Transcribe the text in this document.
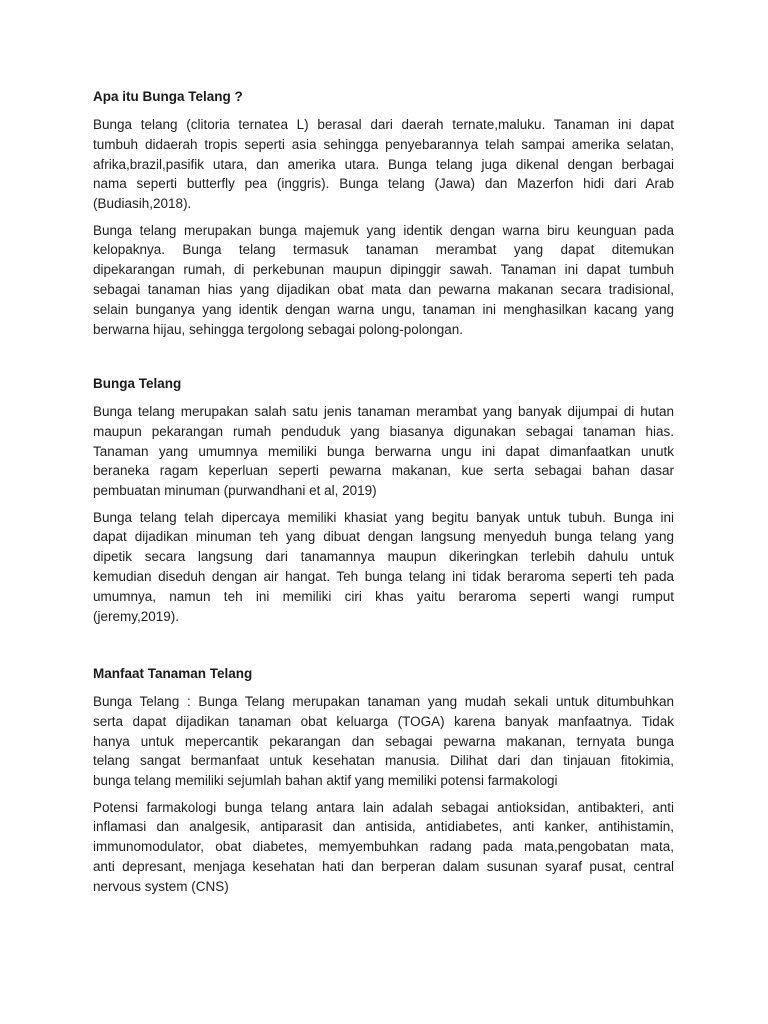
Apa itu Bunga Telang ?
Bunga telang (clitoria ternatea L) berasal dari daerah ternate,maluku. Tanaman ini dapat
tumbuh didaerah tropis seperti asia sehingga penyebarannya telah sampai amerika selatan,
afrika,brazil,pasifik utara, dan amerika utara. Bunga telang juga dikenal dengan berbagai
nama seperti butterfly pea (inggris). Bunga telang (Jawa) dan Mazerfon hidi dari Arab
(Budiasih,2018).
Bunga telang merupakan bunga majemuk yang identik dengan warna biru keunguan pada
kelopaknya. Bunga telang termasuk tanaman merambat yang dapat ditemukan
dipekarangan rumah, di perkebunan maupun dipinggir sawah. Tanaman ini dapat tumbuh
sebagai tanaman hias yang dijadikan obat mata dan pewarna makanan secara tradisional,
selain bunganya yang identik dengan warna ungu, tanaman ini menghasilkan kacang yang
berwarna hijau, sehingga tergolong sebagai polong-polongan.
Bunga Telang
Bunga telang merupakan salah satu jenis tanaman merambat yang banyak dijumpai di hutan
maupun pekarangan rumah penduduk yang biasanya digunakan sebagai tanaman hias.
Tanaman yang umumnya memiliki bunga berwarna ungu ini dapat dimanfaatkan unutk
beraneka ragam keperluan seperti pewarna makanan, kue serta sebagai bahan dasar
pembuatan minuman (purwandhani et al, 2019)
Bunga telang telah dipercaya memiliki khasiat yang begitu banyak untuk tubuh. Bunga ini
dapat dijadikan minuman teh yang dibuat dengan langsung menyeduh bunga telang yang
dipetik secara langsung dari tanamannya maupun dikeringkan terlebih dahulu untuk
kemudian diseduh dengan air hangat. Teh bunga telang ini tidak beraroma seperti teh pada
umumnya, namun teh ini memiliki ciri khas yaitu beraroma seperti wangi rumput
(jeremy,2019).
Manfaat Tanaman Telang
Bunga Telang : Bunga Telang merupakan tanaman yang mudah sekali untuk ditumbuhkan
serta dapat dijadikan tanaman obat keluarga (TOGA) karena banyak manfaatnya. Tidak
hanya untuk mepercantik pekarangan dan sebagai pewarna makanan, ternyata bunga
telang sangat bermanfaat untuk kesehatan manusia. Dilihat dari dan tinjauan fitokimia,
bunga telang memiliki sejumlah bahan aktif yang memiliki potensi farmakologi
Potensi farmakologi bunga telang antara lain adalah sebagai antioksidan, antibakteri, anti
inflamasi dan analgesik, antiparasit dan antisida, antidiabetes, anti kanker, antihistamin,
immunomodulator, obat diabetes, memyembuhkan radang pada mata,pengobatan mata,
anti depresant, menjaga kesehatan hati dan berperan dalam susunan syaraf pusat, central
nervous system (CNS)
